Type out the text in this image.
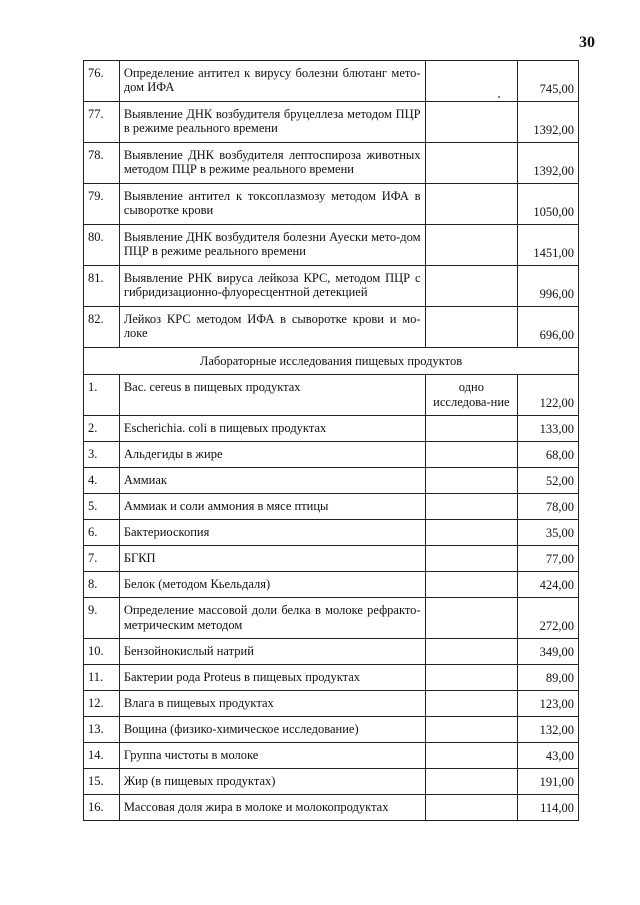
30
76.	Определение антител к вирусу болезни блютанг мето-дом ИФА		745,00
77.	Выявление ДНК возбудителя бруцеллеза методом ПЦР в режиме реального времени		1392,00
78.	Выявление ДНК возбудителя лептоспироза животных методом ПЦР в режиме реального времени		1392,00
79.	Выявление антител к токсоплазмозу методом ИФА в сыворотке крови		1050,00
80.	Выявление ДНК возбудителя болезни Ауески мето-дом ПЦР в режиме реального времени		1451,00
81.	Выявление РНК вируса лейкоза КРС, методом ПЦР с гибридизационно-флуоресцентной детекцией		996,00
82.	Лейкоз КРС методом ИФА в сыворотке крови и мо-локе		696,00
Лабораторные исследования пищевых продуктов			
1.	Bac. cereus в пищевых продуктах	одно исследова-ние	122,00
2.	Escherichia. coli в пищевых продуктах		133,00
3.	Альдегиды в жире		68,00
4.	Аммиак		52,00
5.	Аммиак и соли аммония в мясе птицы		78,00
6.	Бактериоскопия		35,00
7.	БГКП		77,00
8.	Белок (методом Кьельдаля)		424,00
9.	Определение массовой доли белка в молоке рефракто-метрическим методом		272,00
10.	Бензойнокислый натрий		349,00
11.	Бактерии рода Proteus в пищевых продуктах		89,00
12.	Влага в пищевых продуктах		123,00
13.	Вощина (физико-химическое исследование)		132,00
14.	Группа чистоты в молоке		43,00
15.	Жир (в пищевых продуктах)		191,00
16.	Массовая доля жира в молоке и молокопродуктах		114,00
